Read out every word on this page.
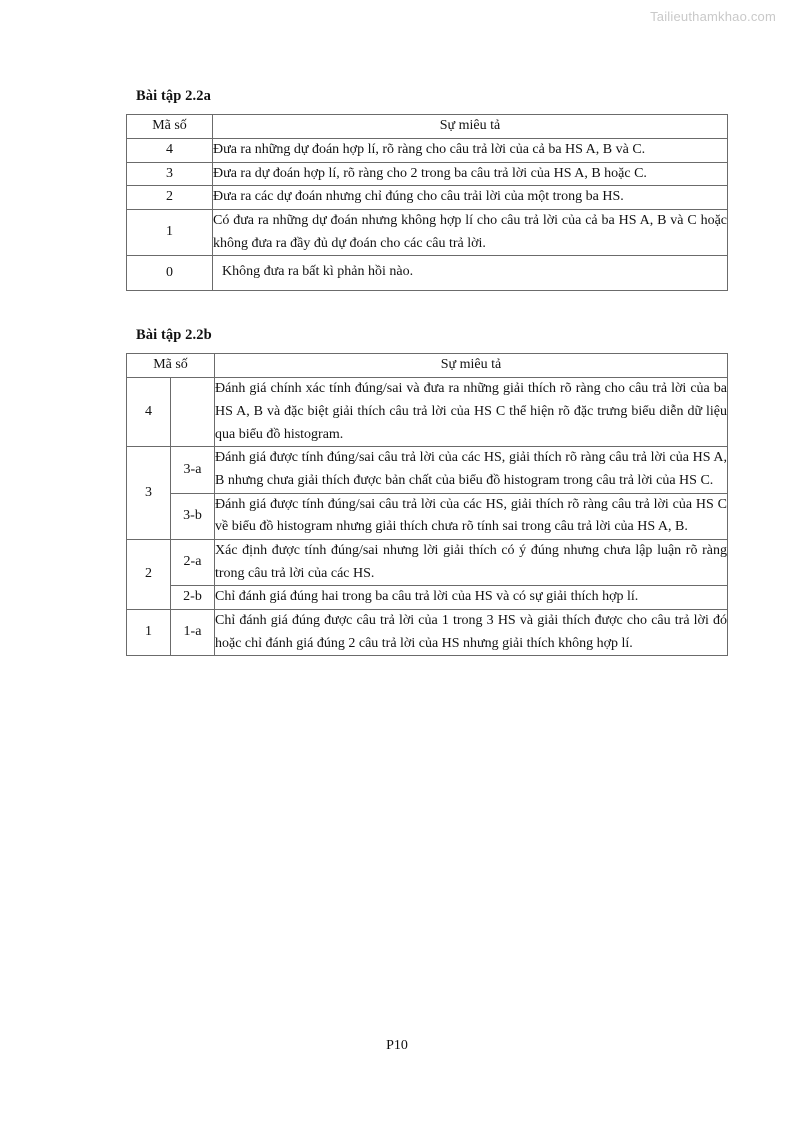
Tailieuthamkhao.com
Bài tập 2.2a
Mã số	Sự miêu tả
4	Đưa ra những dự đoán hợp lí, rõ ràng cho câu trả lời của cả ba HS A, B và C.
3	Đưa ra dự đoán hợp lí, rõ ràng cho 2 trong ba câu trả lời của HS A, B hoặc C.
2	Đưa ra các dự đoán nhưng chỉ đúng cho câu trải lời của một trong ba HS.
1	Có đưa ra những dự đoán nhưng không hợp lí cho câu trả lời của cả ba HS A, B và C hoặc không đưa ra đầy đủ dự đoán cho các câu trả lời.
0	Không đưa ra bất kì phản hồi nào.
Bài tập 2.2b
Mã số		Sự miêu tả
4		Đánh giá chính xác tính đúng/sai và đưa ra những giải thích rõ ràng cho câu trả lời của ba HS A, B và đặc biệt giải thích câu trả lời của HS C thể hiện rõ đặc trưng biểu diễn dữ liệu qua biểu đồ histogram.
3	3-a	Đánh giá được tính đúng/sai câu trả lời của các HS, giải thích rõ ràng câu trả lời của HS A, B nhưng chưa giải thích được bản chất của biểu đồ histogram trong câu trả lời của HS C.
	3-b	Đánh giá được tính đúng/sai câu trả lời của các HS, giải thích rõ ràng câu trả lời của HS C về biểu đồ histogram nhưng giải thích chưa rõ tính sai trong câu trả lời của HS A, B.
2	2-a	Xác định được tính đúng/sai nhưng lời giải thích có ý đúng nhưng chưa lập luận rõ ràng trong câu trả lời của các HS.
	2-b	Chỉ đánh giá đúng hai trong ba câu trả lời của HS và có sự giải thích hợp lí.
1	1-a	Chỉ đánh giá đúng được câu trả lời của 1 trong 3 HS và giải thích được cho câu trả lời đó hoặc chỉ đánh giá đúng 2 câu trả lời của HS nhưng giải thích không hợp lí.
P10
